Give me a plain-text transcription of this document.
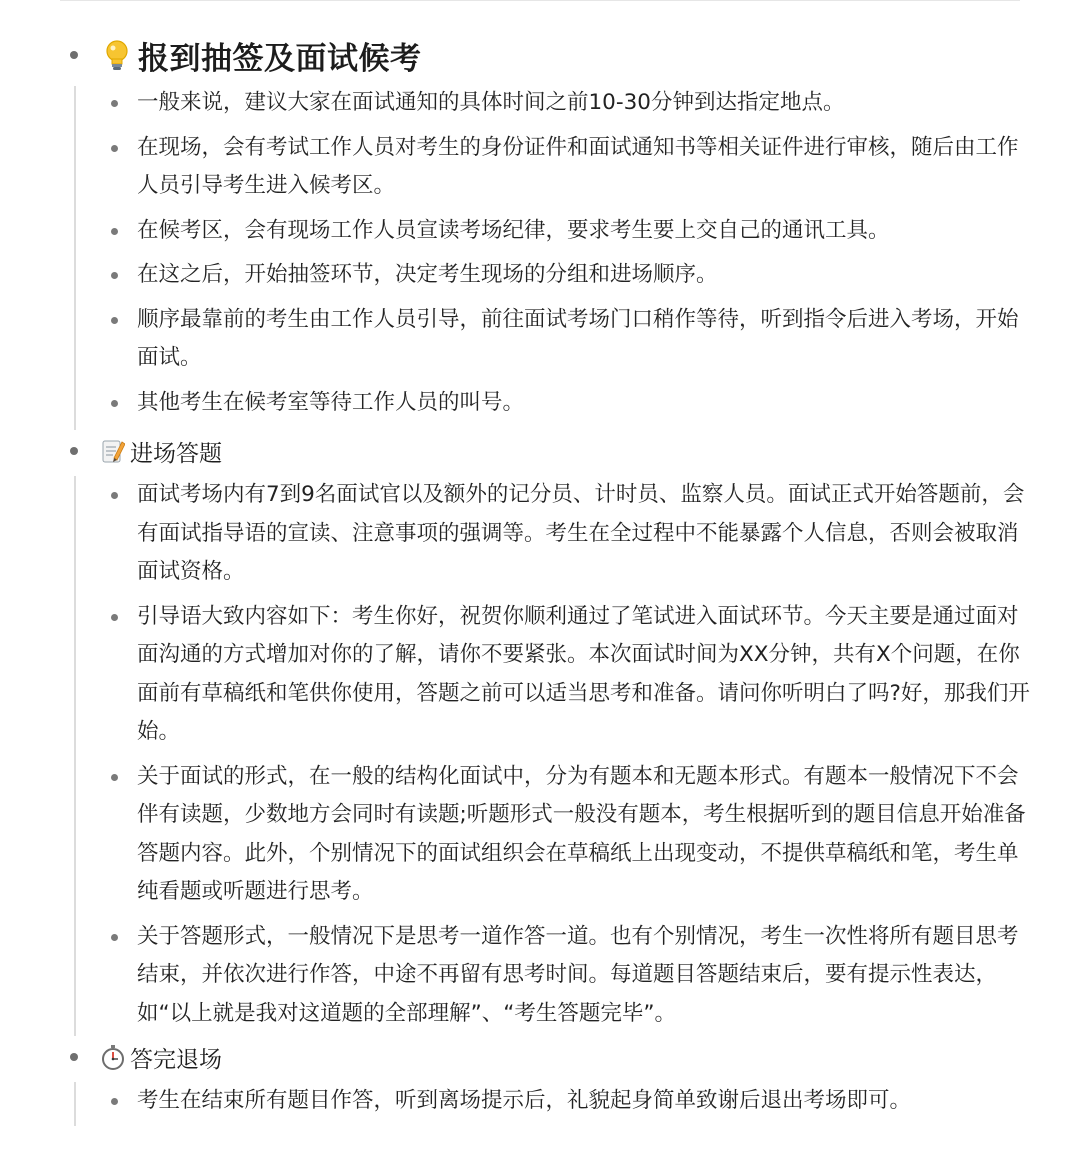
报到抽签及面试候考
一般来说，建议大家在面试通知的具体时间之前10-30分钟到达指定地点。
在现场，会有考试工作人员对考生的身份证件和面试通知书等相关证件进行审核，随后由工作人员引导考生进入候考区。
在候考区，会有现场工作人员宣读考场纪律，要求考生要上交自己的通讯工具。
在这之后，开始抽签环节，决定考生现场的分组和进场顺序。
顺序最靠前的考生由工作人员引导，前往面试考场门口稍作等待，听到指令后进入考场，开始面试。
其他考生在候考室等待工作人员的叫号。
进场答题
面试考场内有7到9名面试官以及额外的记分员、计时员、监察人员。面试正式开始答题前，会有面试指导语的宣读、注意事项的强调等。考生在全过程中不能暴露个人信息，否则会被取消面试资格。
引导语大致内容如下：考生你好，祝贺你顺利通过了笔试进入面试环节。今天主要是通过面对面沟通的方式增加对你的了解，请你不要紧张。本次面试时间为XX分钟，共有X个问题，在你面前有草稿纸和笔供你使用，答题之前可以适当思考和准备。请问你听明白了吗?好，那我们开始。
关于面试的形式，在一般的结构化面试中，分为有题本和无题本形式。有题本一般情况下不会伴有读题，少数地方会同时有读题;听题形式一般没有题本，考生根据听到的题目信息开始准备答题内容。此外，个别情况下的面试组织会在草稿纸上出现变动，不提供草稿纸和笔，考生单纯看题或听题进行思考。
关于答题形式，一般情况下是思考一道作答一道。也有个别情况，考生一次性将所有题目思考结束，并依次进行作答，中途不再留有思考时间。每道题目答题结束后，要有提示性表达，如“以上就是我对这道题的全部理解”、“考生答题完毕”。
答完退场
考生在结束所有题目作答，听到离场提示后，礼貌起身简单致谢后退出考场即可。
